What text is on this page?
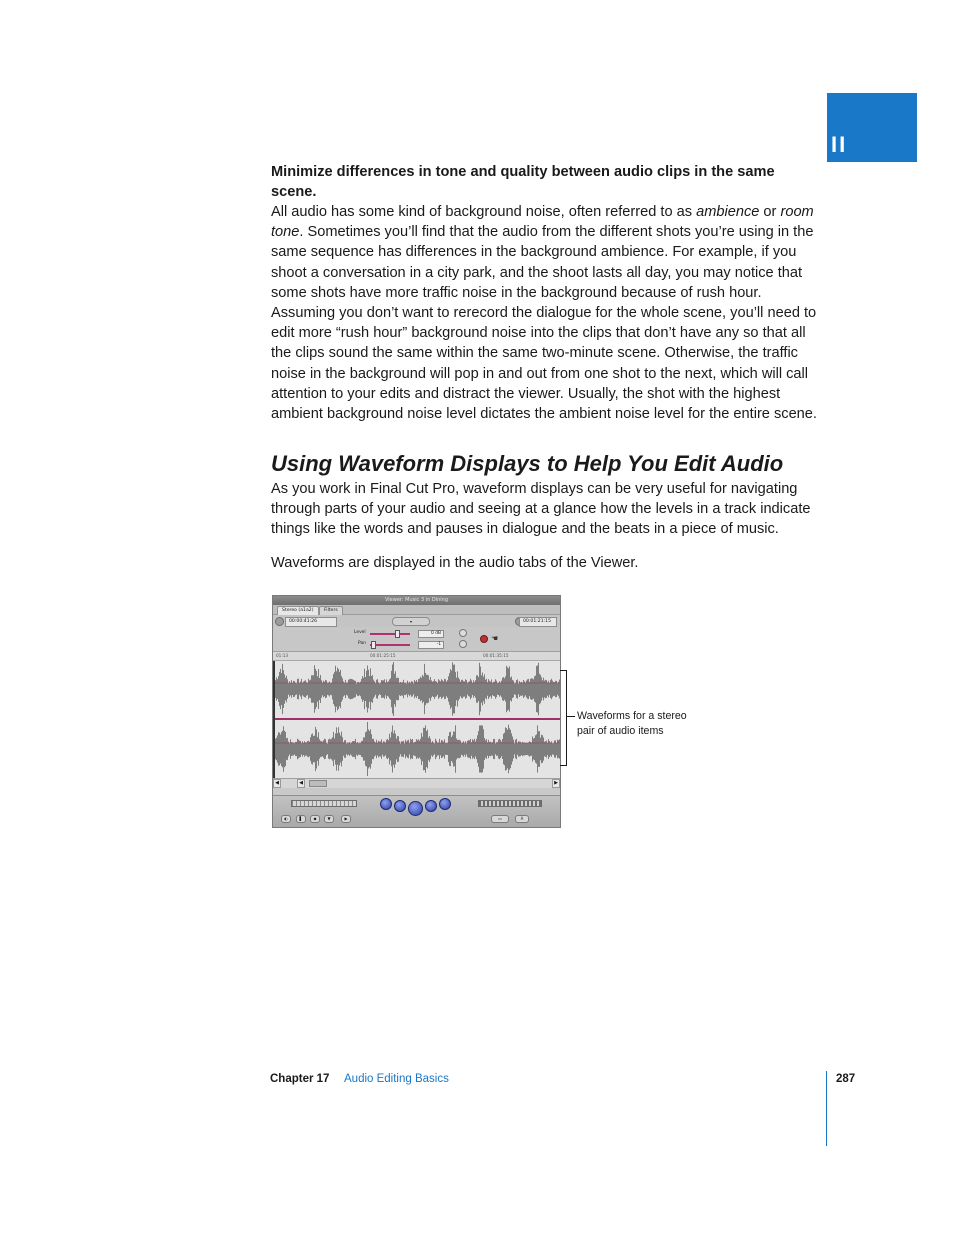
II

Minimize differences in tone and quality between audio clips in the same scene.

All audio has some kind of background noise, often referred to as ambience or room tone. Sometimes you’ll find that the audio from the different shots you’re using in the same sequence has differences in the background ambience. For example, if you shoot a conversation in a city park, and the shoot lasts all day, you may notice that some shots have more traffic noise in the background because of rush hour. Assuming you don’t want to rerecord the dialogue for the whole scene, you’ll need to edit more “rush hour” background noise into the clips that don’t have any so that all the clips sound the same within the same two-minute scene. Otherwise, the traffic noise in the background will pop in and out from one shot to the next, which will call attention to your edits and distract the viewer. Usually, the shot with the highest ambient background noise level dictates the ambient noise level for the entire scene.

Using Waveform Displays to Help You Edit Audio

As you work in Final Cut Pro, waveform displays can be very useful for navigating through parts of your audio and seeing at a glance how the levels in a track indicate things like the words and pauses in dialogue and the beats in a piece of music.

Waveforms are displayed in the audio tabs of the Viewer.

Viewer: Music 3 in Dining
Stereo (a1a2)	Filters
00:00:41:26	▾	00:01:21:15
Level	0 dB
Pan	-1
☚
01:13	00:01:25:15	00:01:35:15
◀	◀	▶
◐	▌	◆	▼	▶	▭	A
Waveforms for a stereo
pair of audio items
Chapter 17 Audio Editing Basics	287
